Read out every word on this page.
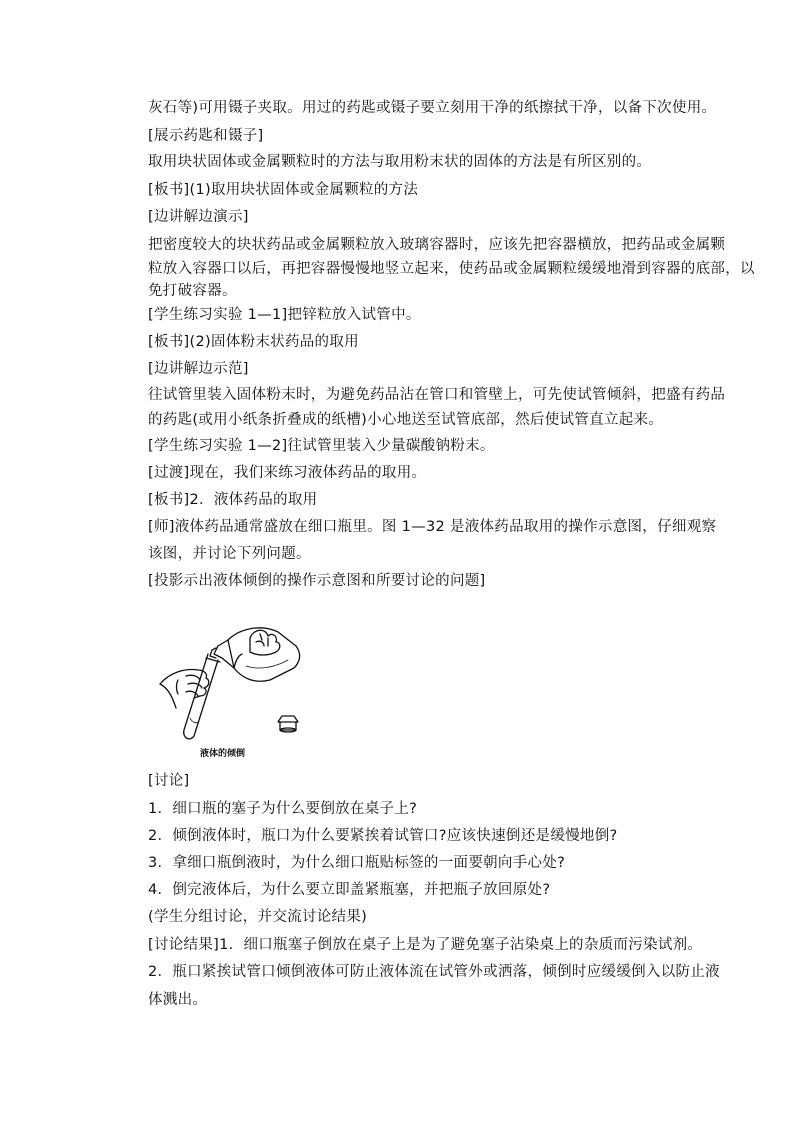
灰石等)可用镊子夹取。用过的药匙或镊子要立刻用干净的纸擦拭干净，以备下次使用。
[展示药匙和镊子]
取用块状固体或金属颗粒时的方法与取用粉末状的固体的方法是有所区别的。
[板书](1)取用块状固体或金属颗粒的方法
[边讲解边演示]
把密度较大的块状药品或金属颗粒放入玻璃容器时，应该先把容器横放，把药品或金属颗
粒放入容器口以后，再把容器慢慢地竖立起来，使药品或金属颗粒缓缓地滑到容器的底部，以
免打破容器。
[学生练习实验 1—1]把锌粒放入试管中。
[板书](2)固体粉末状药品的取用
[边讲解边示范]
往试管里装入固体粉末时，为避免药品沾在管口和管壁上，可先使试管倾斜，把盛有药品
的药匙(或用小纸条折叠成的纸槽)小心地送至试管底部，然后使试管直立起来。
[学生练习实验 1—2]往试管里装入少量碳酸钠粉末。
[过渡]现在，我们来练习液体药品的取用。
[板书]2．液体药品的取用
[师]液体药品通常盛放在细口瓶里。图 1—32 是液体药品取用的操作示意图，仔细观察
该图，并讨论下列问题。
[投影示出液体倾倒的操作示意图和所要讨论的问题]
液体的倾倒
[讨论]
1．细口瓶的塞子为什么要倒放在桌子上?
2．倾倒液体时，瓶口为什么要紧挨着试管口?应该快速倒还是缓慢地倒?
3．拿细口瓶倒液时，为什么细口瓶贴标签的一面要朝向手心处?
4．倒完液体后，为什么要立即盖紧瓶塞，并把瓶子放回原处?
(学生分组讨论，并交流讨论结果)
[讨论结果]1．细口瓶塞子倒放在桌子上是为了避免塞子沾染桌上的杂质而污染试剂。
2．瓶口紧挨试管口倾倒液体可防止液体流在试管外或洒落，倾倒时应缓缓倒入以防止液
体溅出。
